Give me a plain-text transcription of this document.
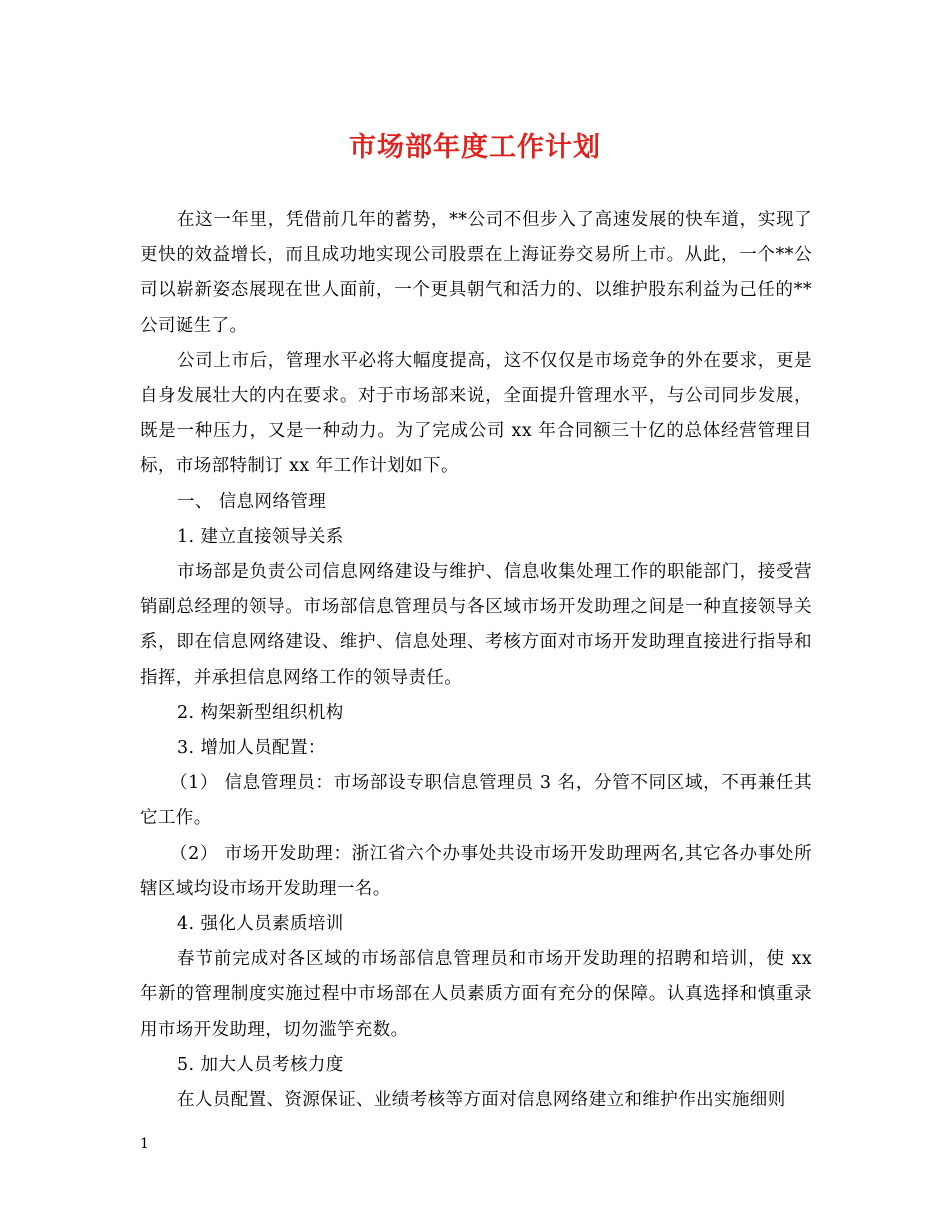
市场部年度工作计划

在这一年里，凭借前几年的蓄势，**公司不但步入了高速发展的快车道，实现了更快的效益增长，而且成功地实现公司股票在上海证券交易所上市。从此，一个**公司以崭新姿态展现在世人面前，一个更具朝气和活力的、以维护股东利益为己任的**公司诞生了。

公司上市后，管理水平必将大幅度提高，这不仅仅是市场竞争的外在要求，更是自身发展壮大的内在要求。对于市场部来说，全面提升管理水平，与公司同步发展，既是一种压力，又是一种动力。为了完成公司 xx 年合同额三十亿的总体经营管理目标，市场部特制订 xx 年工作计划如下。

一、 信息网络管理

1. 建立直接领导关系

市场部是负责公司信息网络建设与维护、信息收集处理工作的职能部门，接受营销副总经理的领导。市场部信息管理员与各区域市场开发助理之间是一种直接领导关系，即在信息网络建设、维护、信息处理、考核方面对市场开发助理直接进行指导和指挥，并承担信息网络工作的领导责任。

2. 构架新型组织机构

3. 增加人员配置：

（1） 信息管理员：市场部设专职信息管理员 3 名，分管不同区域，不再兼任其它工作。

（2） 市场开发助理：浙江省六个办事处共设市场开发助理两名,其它各办事处所辖区域均设市场开发助理一名。

4. 强化人员素质培训

春节前完成对各区域的市场部信息管理员和市场开发助理的招聘和培训，使 xx 年新的管理制度实施过程中市场部在人员素质方面有充分的保障。认真选择和慎重录用市场开发助理，切勿滥竽充数。

5. 加大人员考核力度

在人员配置、资源保证、业绩考核等方面对信息网络建立和维护作出实施细则

1
